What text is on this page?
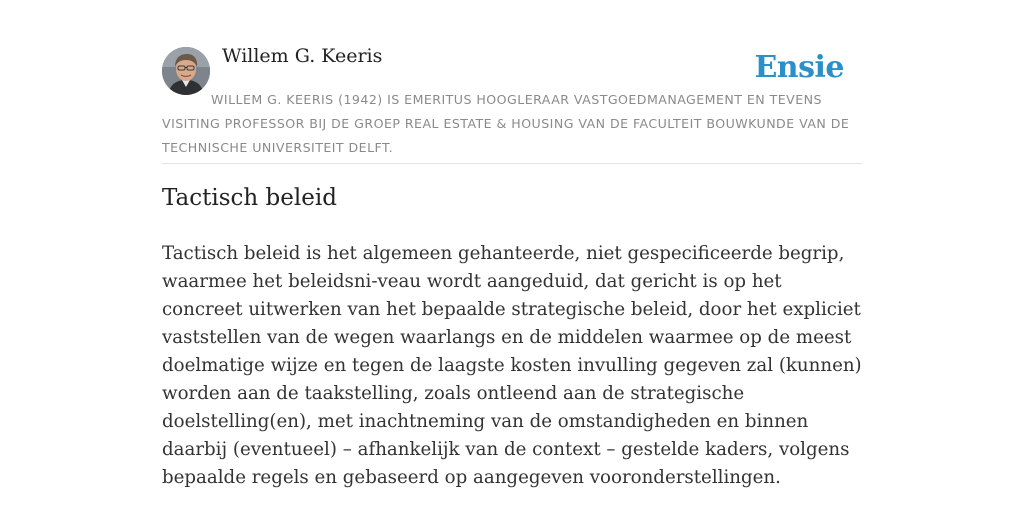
Willem G. Keeris	Ensie

WILLEM G. KEERIS (1942) IS EMERITUS HOOGLERAAR VASTGOEDMANAGEMENT EN TEVENS VISITING PROFESSOR BIJ DE GROEP REAL ESTATE & HOUSING VAN DE FACULTEIT BOUWKUNDE VAN DE TECHNISCHE UNIVERSITEIT DELFT.

Tactisch beleid

Tactisch beleid is het algemeen gehanteerde, niet gespecificeerde begrip, waarmee het beleidsni-veau wordt aangeduid, dat gericht is op het concreet uitwerken van het bepaalde strategische beleid, door het expliciet vaststellen van de wegen waarlangs en de middelen waarmee op de meest doelmatige wijze en tegen de laagste kosten invulling gegeven zal (kunnen) worden aan de taakstelling, zoals ontleend aan de strategische doelstelling(en), met inachtneming van de omstandigheden en binnen daarbij (eventueel) – afhankelijk van de context – gestelde kaders, volgens bepaalde regels en gebaseerd op aangegeven vooronderstellingen.
